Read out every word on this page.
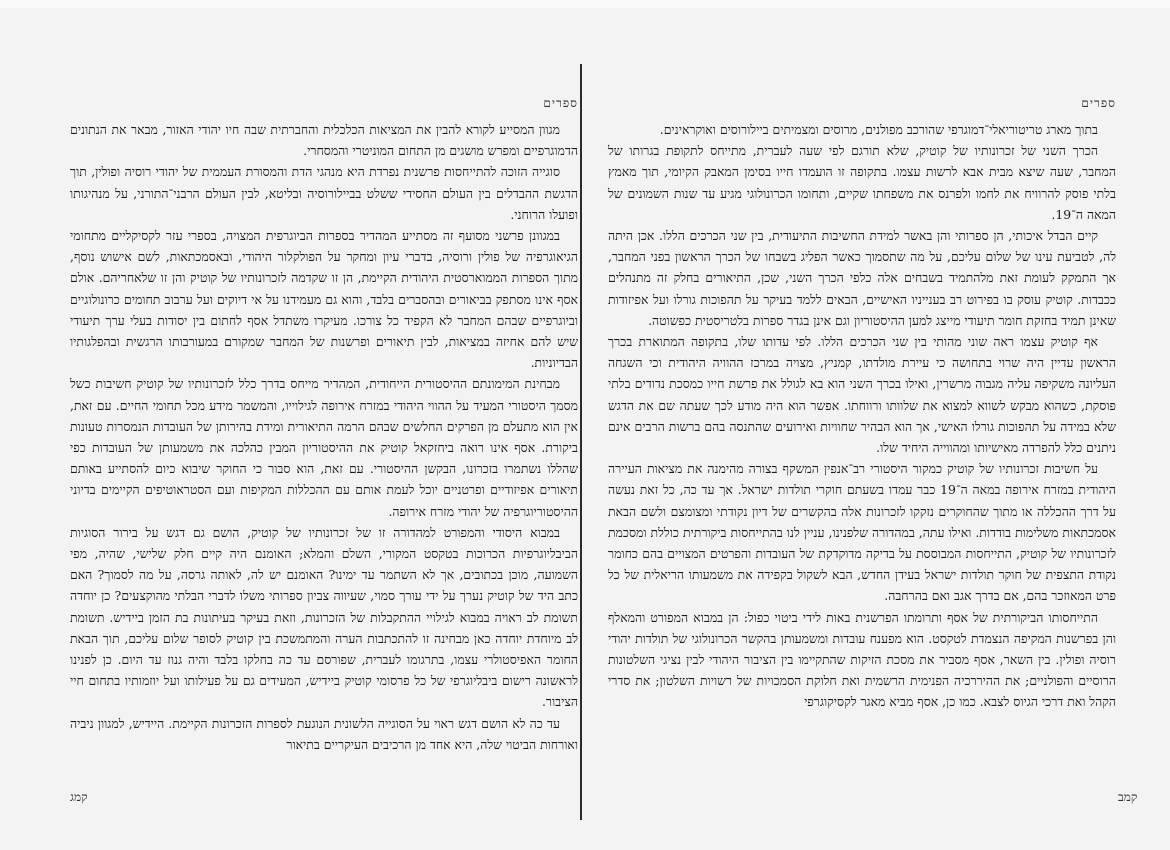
ספרים

מגוון המסייע לקורא להבין את המציאות הכלכלית והחברתית שבה חיו יהודי האזור, מבאר את הנתונים הדמוגרפיים ומפרש מושגים מן התחום המוניטרי והמסחרי.

סוגייה הזוכה להתייחסות פרשנית נפרדת היא מנהגי הדת והמסורת העממית של יהודי רוסיה ופולין, תוך הדגשת ההבדלים בין העולם החסידי ששלט בביילורוסיה ובליטא, לבין העולם הרבני־התורני, על מנהיגותו ופועלו הרוחני.

במגוונן פרשני מסועף זה מסתייע המהדיר בספרות הביוגרפית המצויה, בספרי עזר לקסיקליים מתחומי הגיאוגרפיה של פולין ורוסיה, בדברי עיון ומחקר על הפולקלור היהודי, ובאסמכתאות, לשם אישוש נוסף, מתוך הספרות הממוארסטית היהודית הקיימת, הן זו שקדמה לזכרונותיו של קוטיק והן זו שלאחריהם. אולם אסף אינו מסתפק בביאורים ובהסברים בלבד, והוא גם מעמידנו על אי דיוקים ועל ערבוב תחומים כרונולוגיים וביוגרפיים שבהם המחבר לא הקפיד כל צורכו. מעיקרו משתדל אסף לחתום בין יסודות בעלי ערך תיעודי שיש להם אחיזה במציאות, לבין תיאורים ופרשנות של המחבר שמקורם במעורבותו הרגשית ובהפלגותיו הבדיוניות.

מבחינת המימונתם ההיסטורית הייחודית, המהדיר מייחס בדרך כלל לזכרונותיו של קוטיק חשיבות כשל מסמך היסטורי המעיד על ההווי היהודי במזרח אירופה לגילוייו, והמשמר מידע מכל תחומי החיים. עם זאת, אין הוא מתעלם מן הפרקים החלשים שבהם הרמה התיאורית ומידת בהירותן של העובדות הנמסרות טעונות ביקורת. אסף אינו רואה ביחזקאל קוטיק את ההיסטוריון המבין כהלכה את משמעותן של העובדות כפי שהללו נשתמרו בזכרונו, הבקשן ההיסטורי. עם זאת, הוא סבור כי החוקר שיבוא כיום להסתייע באותם תיאורים אפיזודיים ופרטניים יוכל לעמת אותם עם ההכללות המקיפות ועם הסטראוטיפים הקיימים בדיוני ההיסטוריוגרפיה של יהודי מזרח אירופה.

במבוא היסודי והמפורט למהדורה זו של זכרונותיו של קוטיק, הושם גם דגש על בירור הסוגיות הביבליוגרפיות הכרוכות בטקסט המקורי, השלם והמלא; האומנם היה קיים חלק שלישי, שהיה, מפי השמועה, מוכן בכתובים, אך לא השתמר עד ימינו? האומנם יש לה, לאותה גרסה, על מה לסמוך? האם כתב היד של קוטיק נערך על ידי עורך סמוי, שעיווה צביון ספרותי משלו לדברי הבלתי מהוקצעים? כן יוחדה תשומת לב ראויה במבוא לגילויי ההתקבלות של הזכרונות, וזאת בעיקר בעיתונות בת הזמן ביידיש. תשומת לב מיוחדת יוחדה כאן מבחינה זו להתכתבות הערה והמתמשכת בין קוטיק לסופר שלום עליכם, תוך הבאת החומר האפיסטולרי עצמו, בתרגומו לעברית, שפורסם עד כה בחלקו בלבד והיה גנוז עד היום. כן לפנינו לראשונה רישום ביבליוגרפי של כל פרסומי קוטיק ביידיש, המעידים גם על פעילותו ועל יוזמותיו בתחום חיי הציבור.

עד כה לא הושם דגש ראוי על הסוגייה הלשונית הנוגעת לספרות הזכרונות הקיימת. היידיש, למגוון ניביה ואורחות הביטוי שלה, היא אחד מן הרכיבים העיקריים בתיאור

ספרים

בתוך מארג טריטוריאלי־דמוגרפי שהורכב מפולנים, מרוסים ומצמיתים ביילורוסים ואוקראינים.

הכרך השני של זכרונותיו של קוטיק, שלא תורגם לפי שעה לעברית, מתייחס לתקופת בגרותו של המחבר, שעה שיצא מבית אבא לרשות עצמו. בתקופה זו הועמדו חייו בסימן המאבק הקיומי, תוך מאמץ בלתי פוסק להרוויח את לחמו ולפרנס את משפחתו שקיים, ותחומו הכרונולוגי מגיע עד שנות השמונים של המאה ה־19.

קיים הבדל איכותי, הן ספרותי והן באשר למידת החשיבות התיעודית, בין שני הכרכים הללו. אכן היתה לה, לטביעת עינו של שלום עליכם, על מה שתסמוך כאשר הפליג בשבחו של הכרך הראשון בפני המחבר, אך התמקק לעומת זאת מלהתמיד בשבחים אלה כלפי הכרך השני, שכן, התיאורים בחלק זה מתנהלים ככבדות. קוטיק עוסק בו בפירוט רב בענייניו האישיים, הבאים ללמד בעיקר על תהפוכות גורלו ועל אפיזודות שאינן תמיד בחזקת חומר תיעודי מייצג למען ההיסטוריון וגם אינן בגדר ספרות בלטריסטית כפשוטה.

אף קוטיק עצמו ראה שוני מהותי בין שני הכרכים הללו. לפי עדותו שלו, בתקופה המתוארת בכרך הראשון עדיין היה שרוי בתחושה כי עיירת מולדתו, קמניץ, מצויה במרכז ההוויה היהודית וכי השגחה העליונה משקיפה עליה מגבוה מרשרין, ואילו בכרך השני הוא בא לגולל את פרשת חייו כמסכת נדודים בלתי פוסקת, כשהוא מבקש לשווא למצוא את שלוותו ורווחתו. אפשר הוא היה מודע לכך שעתה שם את הדגש שלא במידה על תהפוכות גורלו האישי, אך הוא הבהיר שחוויות ואירועים שהתנסה בהם ברשות הרבים אינם ניתנים כלל להפרדה מאישיותו ומהווייה היחיד שלו.

על חשיבות זכרונותיו של קוטיק כמקור היסטורי רב־אנפין המשקף בצורה מהימנה את מציאות העיירה היהודית במזרח אירופה במאה ה־19 כבר עמדו בשעתם חוקרי תולדות ישראל. אך עד כה, כל זאת נעשה על דרך ההכללה או מתוך שהחוקרים נזקקו לזכרונות אלה בהקשרים של דיון נקודתי ומצומצם ולשם הבאת אסמכתאות משלימות בודדות. ואילו עתה, במהדורה שלפנינו, עניין לנו בהתייחסות ביקורתית כוללת ומסכמת לזכרונותיו של קוטיק, התייחסות המבוססת על בדיקה מדוקדקת של העובדות והפרטים המצויים בהם כחומר נקודת התצפית של חוקר תולדות ישראל בעידן החדש, הבא לשקול בקפידה את משמעותו הריאלית של כל פרט המאוזכר בהם, אם בדרך אגב ואם בהרחבה.

התייחסותו הביקורתית של אסף ותרומתו הפרשנית באות לידי ביטוי כפול: הן במבוא המפורט והמאלף והן בפרשנות המקיפה הנצמדת לטקסט. הוא מפענח עובדות ומשמעותן בהקשר הכרונולוגי של תולדות יהודי רוסיה ופולין. בין השאר, אסף מסביר את מסכת הזיקות שהתקיימו בין הציבור היהודי לבין נציגי השלטונות הרוסיים והפולניים; את ההיררכיה הפנימית הרשמית ואת חלוקת הסמכויות של רשויות השלטון; את סדרי הקהל ואת דרכי הגיוס לצבא. כמו כן, אסף מביא מאגר לקסיקוגרפי

קמג	קמב
